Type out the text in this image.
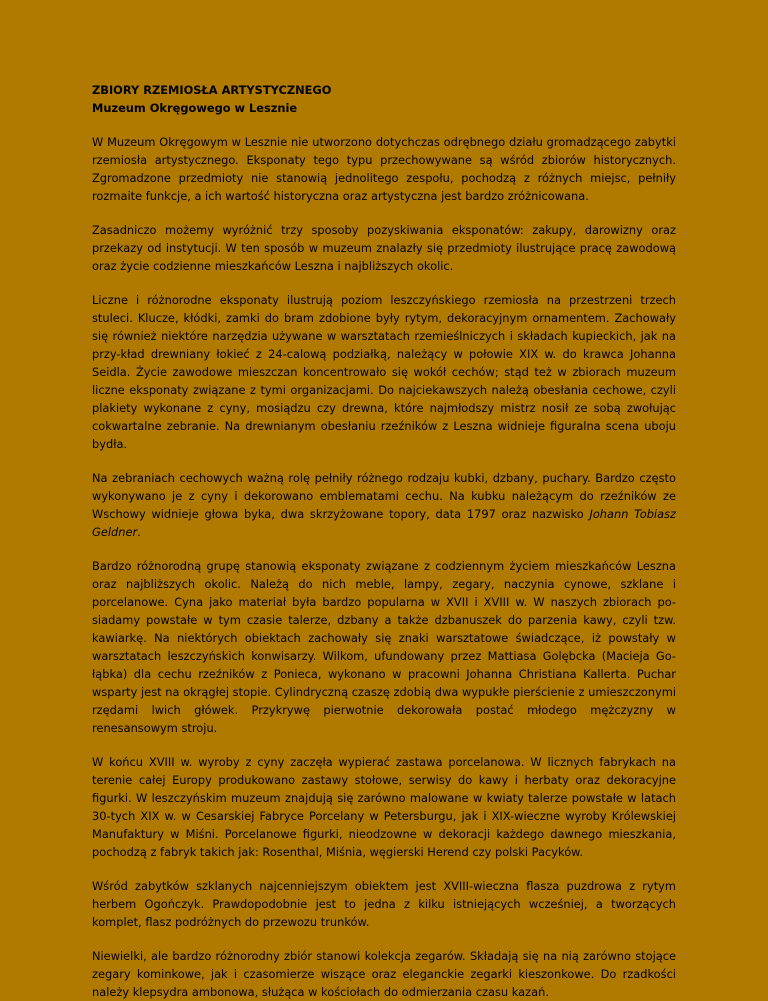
ZBIORY RZEMIOSŁA ARTYSTYCZNEGO

Muzeum Okręgowego w Lesznie

W Muzeum Okręgowym w Lesznie nie utworzono dotychczas odrębnego działu gromadzącego zabytki rzemiosła artystycznego. Eksponaty tego typu przechowywane są wśród zbiorów historycznych. Zgromadzone przedmioty nie stanowią jednolitego zespołu, pochodzą z różnych miejsc, pełniły rozmaite funkcje, a ich wartość historyczna oraz artystyczna jest bardzo zróżnicowana.

Zasadniczo możemy wyróżnić trzy sposoby pozyskiwania eksponatów: zakupy, darowizny oraz przekazy od instytucji. W ten sposób w muzeum znalazły się przedmioty ilustrujące pracę zawodową oraz życie codzienne mieszkańców Leszna i najbliższych okolic.

Liczne i różnorodne eksponaty ilustrują poziom leszczyńskiego rzemiosła na przestrzeni trzech stuleci. Klucze, kłódki, zamki do bram zdobione były rytym, dekoracyjnym ornamentem. Zachowały się również niektóre narzędzia używane w warsztatach rzemieślniczych i składach kupieckich, jak na przy-kład drewniany łokieć z 24-calową podziałką, należący w połowie XIX w. do krawca Johanna Seidla. Życie zawodowe mieszczan koncentrowało się wokół cechów; stąd też w zbiorach muzeum liczne eksponaty związane z tymi organizacjami. Do najciekawszych należą obesłania cechowe, czyli plakiety wykonane z cyny, mosiądzu czy drewna, które najmłodszy mistrz nosił ze sobą zwołując cokwartalne zebranie. Na drewnianym obesłaniu rzeźników z Leszna widnieje figuralna scena uboju bydła.

Na zebraniach cechowych ważną rolę pełniły różnego rodzaju kubki, dzbany, puchary. Bardzo często wykonywano je z cyny i dekorowano emblematami cechu. Na kubku należącym do rzeźników ze Wschowy widnieje głowa byka, dwa skrzyżowane topory, data 1797 oraz nazwisko Johann Tobiasz Geldner.

Bardzo różnorodną grupę stanowią eksponaty związane z codziennym życiem mieszkańców Leszna oraz najbliższych okolic. Należą do nich meble, lampy, zegary, naczynia cynowe, szklane i porcelanowe. Cyna jako materiał była bardzo popularna w XVII i XVIII w. W naszych zbiorach po-siadamy powstałe w tym czasie talerze, dzbany a także dzbanuszek do parzenia kawy, czyli tzw. kawiarkę. Na niektórych obiektach zachowały się znaki warsztatowe świadczące, iż powstały w warsztatach leszczyńskich konwisarzy. Wilkom, ufundowany przez Mattiasa Golębcka (Macieja Go-łąbka) dla cechu rzeźników z Ponieca, wykonano w pracowni Johanna Christiana Kallerta. Puchar wsparty jest na okrągłej stopie. Cylindryczną czaszę zdobią dwa wypukłe pierścienie z umieszczonymi rzędami lwich główek. Przykrywę pierwotnie dekorowała postać młodego mężczyzny w renesansowym stroju.

W końcu XVIII w. wyroby z cyny zaczęła wypierać zastawa porcelanowa. W licznych fabrykach na terenie całej Europy produkowano zastawy stołowe, serwisy do kawy i herbaty oraz dekoracyjne figurki. W leszczyńskim muzeum znajdują się zarówno malowane w kwiaty talerze powstałe w latach 30-tych XIX w. w Cesarskiej Fabryce Porcelany w Petersburgu, jak i XIX-wieczne wyroby Królewskiej Manufaktury w Miśni. Porcelanowe figurki, nieodzowne w dekoracji każdego dawnego mieszkania, pochodzą z fabryk takich jak: Rosenthal, Miśnia, węgierski Herend czy polski Pacyków.

Wśród zabytków szklanych najcenniejszym obiektem jest XVIII-wieczna flasza puzdrowa z rytym herbem Ogończyk. Prawdopodobnie jest to jedna z kilku istniejących wcześniej, a tworzących komplet, flasz podróżnych do przewozu trunków.

Niewielki, ale bardzo różnorodny zbiór stanowi kolekcja zegarów. Składają się na nią zarówno stojące zegary kominkowe, jak i czasomierze wiszące oraz eleganckie zegarki kieszonkowe. Do rzadkości należy klepsydra ambonowa, służąca w kościołach do odmierzania czasu kazań.
